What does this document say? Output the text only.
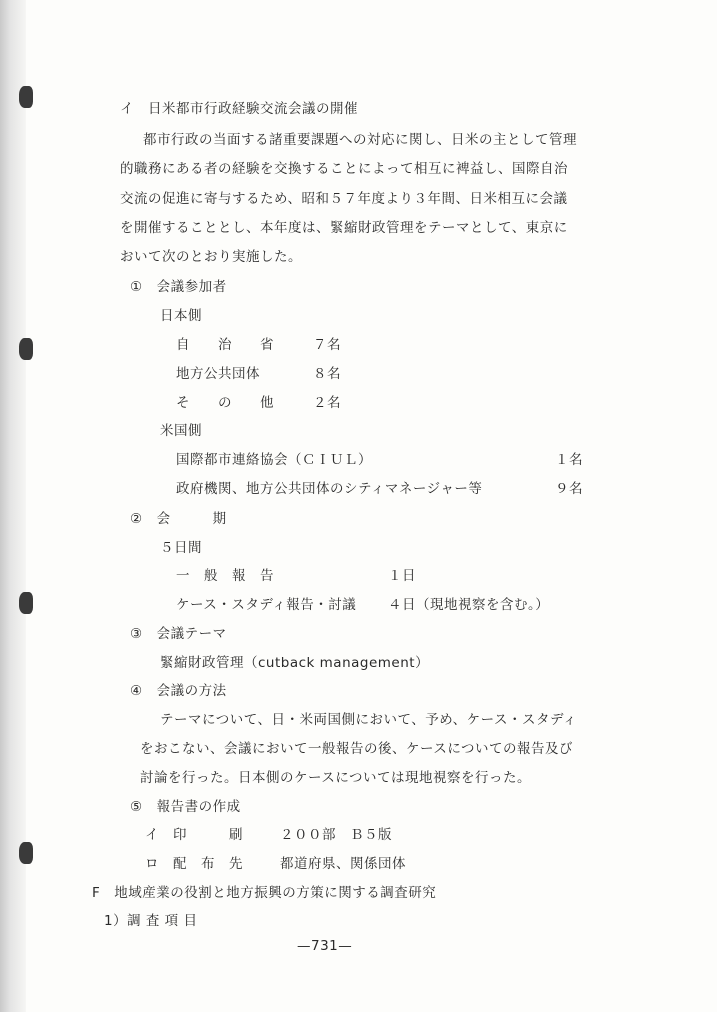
イ　日米都市行政経験交流会議の開催
都市行政の当面する諸重要課題への対応に関し、日米の主として管理
的職務にある者の経験を交換することによって相互に裨益し、国際自治
交流の促進に寄与するため、昭和５７年度より３年間、日米相互に会議
を開催することとし、本年度は、緊縮財政管理をテーマとして、東京に
おいて次のとおり実施した。
①　会議参加者
日本側
自　　治　　省	７名
地方公共団体	８名
そ　　の　　他	２名
米国側
国際都市連絡協会（ＣＩＵＬ）	１名
政府機関、地方公共団体のシティマネージャー等	９名
②　会　　　期
５日間
一　般　報　告	１日
ケース・スタディ報告・討議 ４日（現地視察を含む。）
③　会議テーマ
緊縮財政管理（cutback management）
④　会議の方法
テーマについて、日・米両国側において、予め、ケース・スタディ
をおこない、会議において一般報告の後、ケースについての報告及び
討論を行った。日本側のケースについては現地視察を行った。
⑤　報告書の作成
イ　印　　　刷	２００部　Ｂ５版
ロ　配　布　先	都道府県、関係団体
F　地域産業の役割と地方振興の方策に関する調査研究
1）調 査 項 目
—731—
